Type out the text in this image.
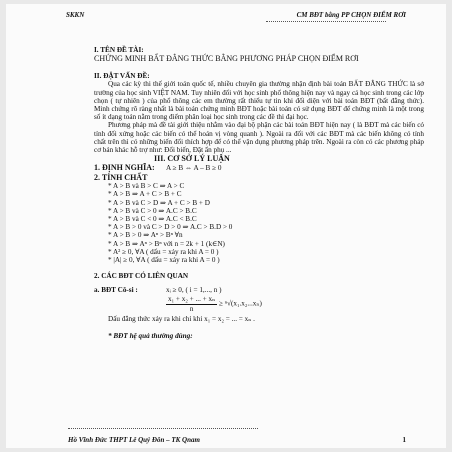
SKKN	CM BĐT bằng PP CHỌN ĐIỂM RƠI
I. TÊN ĐỀ TÀI:
CHỨNG MINH BẤT ĐẲNG THỨC BẰNG PHƯƠNG PHÁP CHỌN ĐIỂM RƠI
II. ĐẶT VẤN ĐỀ:

Qua các kỳ thi thế giới toán quốc tế, nhiều chuyên gia thường nhận định bài toán BẤT ĐẲNG THỨC là sở trường của học sinh VIỆT NAM. Tuy nhiên đối với học sinh phổ thông hiện nay và ngay cả học sinh trong các lớp chọn ( tự nhiên ) của phổ thông các em thường rất thiếu tự tin khi đối diện với bài toán BĐT (bất đẳng thức). Minh chứng rõ ràng nhất là bài toán chứng minh BĐT hoặc bài toán có sử dụng BĐT để chứng minh là một trong số ít dạng toán nằm trong điểm phân loại học sinh trong các đề thi đại học.

Phương pháp mà đề tài giới thiệu nhằm vào đại bộ phận các bài toán BĐT hiện nay ( là BĐT mà các biến có tính đối xứng hoặc các biến có thể hoán vị vòng quanh ). Ngoài ra đối với các BĐT mà các biến không có tính chất trên thì có những biến đổi thích hợp để có thể vận dụng phương pháp trên. Ngoài ra còn có các phương pháp cơ bản khác hỗ trợ như: Đổi biến, Đặt ẩn phụ ...

III. CƠ SỞ LÝ LUẬN
1. ĐỊNH NGHĨA: A ≥ B ⇔ A – B ≥ 0
2. TÍNH CHẤT
* A > B và B > C ⇒ A > C
* A > B ⇒ A + C > B + C
* A > B và C > D ⇒ A + C > B + D
* A > B và C > 0 ⇒ A.C > B.C
* A > B và C < 0 ⇒ A.C < B.C
* A > B > 0 và C > D > 0 ⇒ A.C > B.D > 0
* A > B > 0 ⇒ Aⁿ > Bⁿ ∀n
* A > B ⇒ Aⁿ > Bⁿ với n = 2k + 1 (k∈N)
* A² ≥ 0, ∀A ( dấu = xảy ra khi A = 0 )
* |A| ≥ 0, ∀A ( dấu = xảy ra khi A = 0 )
2. CÁC BĐT CÓ LIÊN QUAN
a. BĐT Cô-si :	xᵢ ≥ 0, ( i = 1,..., n )
$\frac{\text{x₁ + x₂ + ... + xₙ}}{n} \ge ^n√(x_1.x_2...x_n)$
Dấu đẳng thức xảy ra khi chỉ khi x₁ = x₂ = ... = xₙ .
* BĐT hệ quả thường dùng:
Hồ Vĩnh Đức THPT Lê Quý Đôn – TK Qnam	1
